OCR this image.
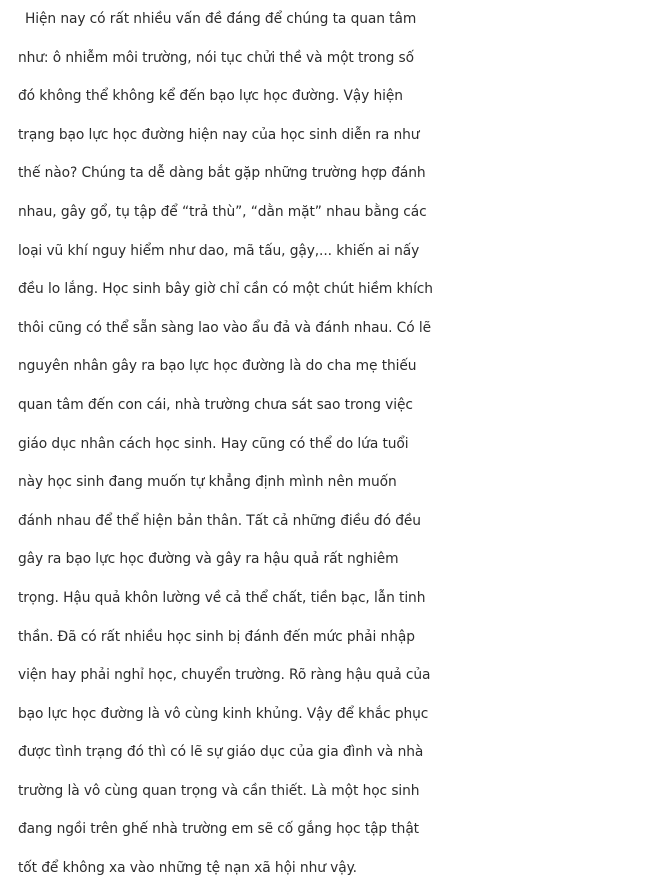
Hiện nay có rất nhiều vấn đề đáng để chúng ta quan tâm
như: ô nhiễm môi trường, nói tục chửi thề và một trong số
đó không thể không kể đến bạo lực học đường. Vậy hiện
trạng bạo lực học đường hiện nay của học sinh diễn ra như
thế nào? Chúng ta dễ dàng bắt gặp những trường hợp đánh
nhau, gây gổ, tụ tập để “trả thù”, “dằn mặt” nhau bằng các
loại vũ khí nguy hiểm như dao, mã tấu, gậy,... khiến ai nấy
đều lo lắng. Học sinh bây giờ chỉ cần có một chút hiềm khích
thôi cũng có thể sẵn sàng lao vào ẩu đả và đánh nhau. Có lẽ
nguyên nhân gây ra bạo lực học đường là do cha mẹ thiếu
quan tâm đến con cái, nhà trường chưa sát sao trong việc
giáo dục nhân cách học sinh. Hay cũng có thể do lứa tuổi
này học sinh đang muốn tự khẳng định mình nên muốn
đánh nhau để thể hiện bản thân. Tất cả những điều đó đều
gây ra bạo lực học đường và gây ra hậu quả rất nghiêm
trọng. Hậu quả khôn lường về cả thể chất, tiền bạc, lẫn tinh
thần. Đã có rất nhiều học sinh bị đánh đến mức phải nhập
viện hay phải nghỉ học, chuyển trường. Rõ ràng hậu quả của
bạo lực học đường là vô cùng kinh khủng. Vậy để khắc phục
được tình trạng đó thì có lẽ sự giáo dục của gia đình và nhà
trường là vô cùng quan trọng và cần thiết. Là một học sinh
đang ngồi trên ghế nhà trường em sẽ cố gắng học tập thật
tốt để không xa vào những tệ nạn xã hội như vậy.
